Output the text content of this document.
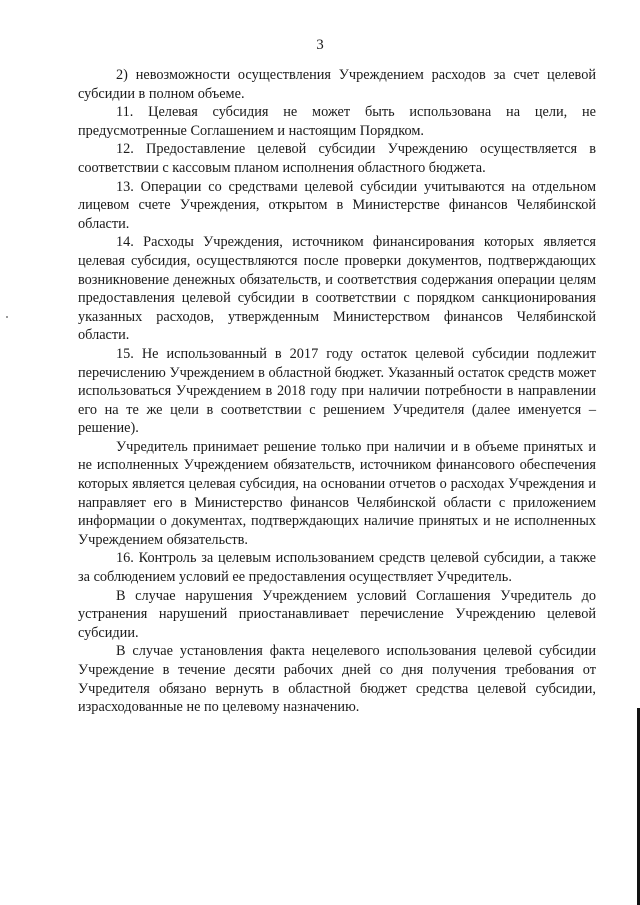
3

2) невозможности осуществления Учреждением расходов за счет целевой субсидии в полном объеме.

11. Целевая субсидия не может быть использована на цели, не предусмотренные Соглашением и настоящим Порядком.

12. Предоставление целевой субсидии Учреждению осуществляется в соответствии с кассовым планом исполнения областного бюджета.

13. Операции со средствами целевой субсидии учитываются на отдельном лицевом счете Учреждения, открытом в Министерстве финансов Челябинской области.

14. Расходы Учреждения, источником финансирования которых является целевая субсидия, осуществляются после проверки документов, подтверждающих возникновение денежных обязательств, и соответствия содержания операции целям предоставления целевой субсидии в соответствии с порядком санкционирования указанных расходов, утвержденным Министерством финансов Челябинской области.

15. Не использованный в 2017 году остаток целевой субсидии подлежит перечислению Учреждением в областной бюджет. Указанный остаток средств может использоваться Учреждением в 2018 году при наличии потребности в направлении его на те же цели в соответствии с решением Учредителя (далее именуется – решение).

Учредитель принимает решение только при наличии и в объеме принятых и не исполненных Учреждением обязательств, источником финансового обеспечения которых является целевая субсидия, на основании отчетов о расходах Учреждения и направляет его в Министерство финансов Челябинской области с приложением информации о документах, подтверждающих наличие принятых и не исполненных Учреждением обязательств.

16. Контроль за целевым использованием средств целевой субсидии, а также за соблюдением условий ее предоставления осуществляет Учредитель.

В случае нарушения Учреждением условий Соглашения Учредитель до устранения нарушений приостанавливает перечисление Учреждению целевой субсидии.

В случае установления факта нецелевого использования целевой субсидии Учреждение в течение десяти рабочих дней со дня получения требования от Учредителя обязано вернуть в областной бюджет средства целевой субсидии, израсходованные не по целевому назначению.
